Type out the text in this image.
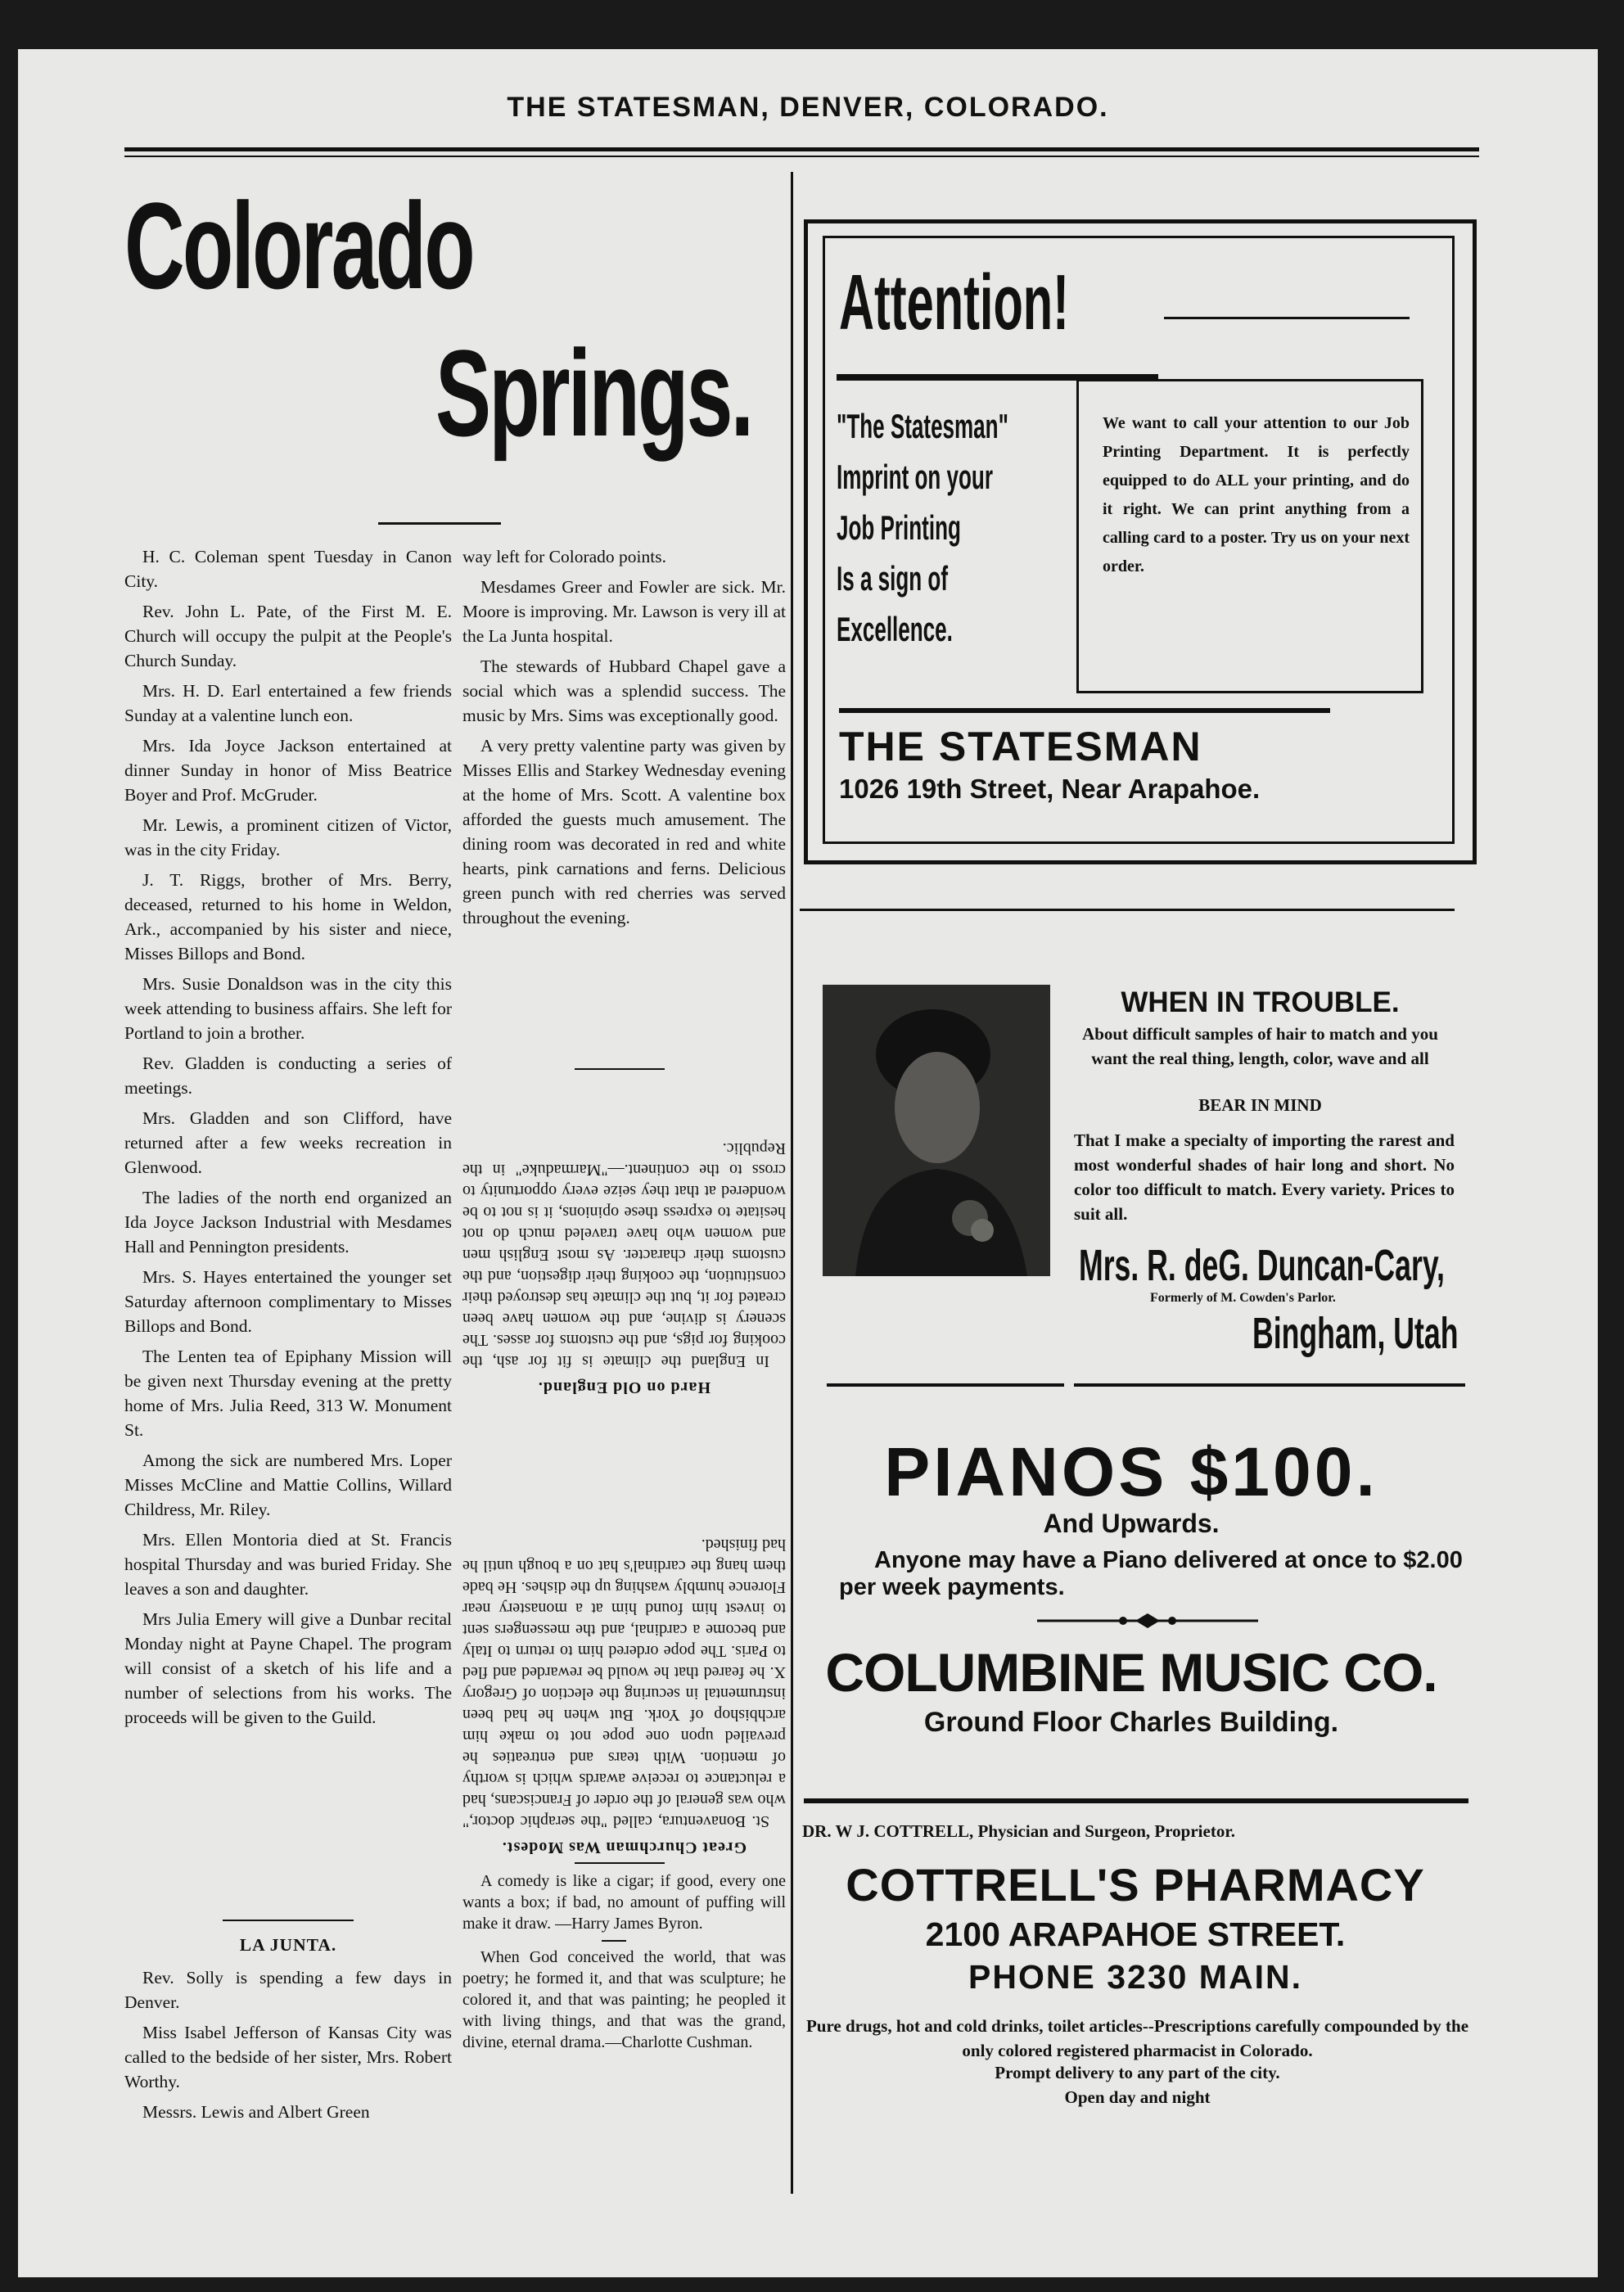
THE STATESMAN, DENVER, COLORADO.
Colorado
Springs.

H. C. Coleman spent Tuesday in Canon City.

Rev. John L. Pate, of the First M. E. Church will occupy the pulpit at the People's Church Sunday.

Mrs. H. D. Earl entertained a few friends Sunday at a valentine lunch eon.

Mrs. Ida Joyce Jackson entertained at dinner Sunday in honor of Miss Beatrice Boyer and Prof. McGruder.

Mr. Lewis, a prominent citizen of Victor, was in the city Friday.

J. T. Riggs, brother of Mrs. Berry, deceased, returned to his home in Weldon, Ark., accompanied by his sister and niece, Misses Billops and Bond.

Mrs. Susie Donaldson was in the city this week attending to business affairs. She left for Portland to join a brother.

Rev. Gladden is conducting a series of meetings.

Mrs. Gladden and son Clifford, have returned after a few weeks recreation in Glenwood.

The ladies of the north end organized an Ida Joyce Jackson Industrial with Mesdames Hall and Pennington presidents.

Mrs. S. Hayes entertained the younger set Saturday afternoon complimentary to Misses Billops and Bond.

The Lenten tea of Epiphany Mission will be given next Thursday evening at the pretty home of Mrs. Julia Reed, 313 W. Monument St.

Among the sick are numbered Mrs. Loper Misses McCline and Mattie Collins, Willard Childress, Mr. Riley.

Mrs. Ellen Montoria died at St. Francis hospital Thursday and was buried Friday. She leaves a son and daughter.

Mrs Julia Emery will give a Dunbar recital Monday night at Payne Chapel. The program will consist of a sketch of his life and a number of selections from his works. The proceeds will be given to the Guild.

LA JUNTA.

Rev. Solly is spending a few days in Denver.

Miss Isabel Jefferson of Kansas City was called to the bedside of her sister, Mrs. Robert Worthy.

Messrs. Lewis and Albert Green

way left for Colorado points.

Mesdames Greer and Fowler are sick. Mr. Moore is improving. Mr. Lawson is very ill at the La Junta hospital.

The stewards of Hubbard Chapel gave a social which was a splendid success. The music by Mrs. Sims was exceptionally good.

A very pretty valentine party was given by Misses Ellis and Starkey Wednesday evening at the home of Mrs. Scott. A valentine box afforded the guests much amusement. The dining room was decorated in red and white hearts, pink carnations and ferns. Delicious green punch with red cherries was served throughout the evening.

Hard on Old England.

In England the climate is fit for ash, the cooking for pigs, and the customs for asses. The scenery is divine, and the women have been created for it, but the climate has destroyed their constitution, the cooking their digestion, and the customs their character. As most English men and women who have traveled much do not hesitate to express these opinions, it is not to be wondered at that they seize every opportunity to cross to the continent.—"Marmaduke" in the Republic.

Great Churchman Was Modest.

St. Bonaventura, called "the seraphic doctor," who was general of the order of Franciscans, had a reluctance to receive awards which is worthy of mention. With tears and entreaties he prevailed upon one pope not to make him archbishop of York. But when he had been instrumental in securing the election of Gregory X. he feared that he would be rewarded and fled to Paris. The pope ordered him to return to Italy and become a cardinal, and the messengers sent to invest him found him at a monastery near Florence humbly washing up the dishes. He bade them hang the cardinal's hat on a bough until he had finished.

A comedy is like a cigar; if good, every one wants a box; if bad, no amount of puffing will make it draw. —Harry James Byron.

When God conceived the world, that was poetry; he formed it, and that was sculpture; he colored it, and that was painting; he peopled it with living things, and that was the grand, divine, eternal drama.—Charlotte Cushman.

Attention!
"The Statesman"
Imprint on your
Job Printing
Is a sign of
Excellence.
We want to call your attention to our Job Printing Department. It is perfectly equipped to do ALL your printing, and do it right. We can print anything from a calling card to a poster. Try us on your next order.
THE STATESMAN
1026 19th Street, Near Arapahoe.
WHEN IN TROUBLE.
About difficult samples of hair to match and you want the real thing, length, color, wave and all
BEAR IN MIND
That I make a specialty of importing the rarest and most wonderful shades of hair long and short. No color too difficult to match. Every variety. Prices to suit all.
Mrs. R. deG. Duncan-Cary,
Formerly of M. Cowden's Parlor.
Bingham, Utah
PIANOS $100.
And Upwards.
Anyone may have a Piano delivered at once to $2.00 per week payments.
COLUMBINE MUSIC CO.
Ground Floor Charles Building.
DR. W J. COTTRELL, Physician and Surgeon, Proprietor.
COTTRELL'S PHARMACY
2100 ARAPAHOE STREET.
PHONE 3230 MAIN.
Pure drugs, hot and cold drinks, toilet articles--Prescriptions carefully compounded by the only colored registered pharmacist in Colorado.
Prompt delivery to any part of the city.
Open day and night
